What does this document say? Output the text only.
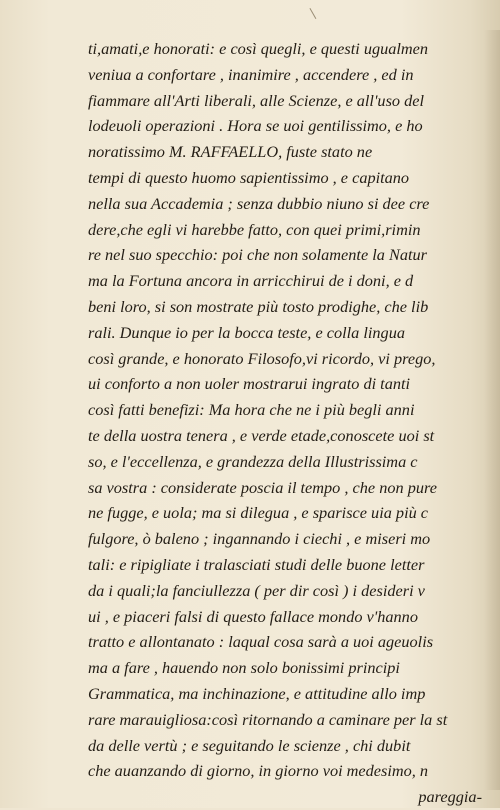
ti,amati,e honorati: e così quegli, e questi ugualmen
veniua a confortare , inanimire , accendere , ed in
fiammare all'Arti liberali, alle Scienze, e all'uso del
lodeuoli operazioni . Hora se uoi gentilissimo, e ho
noratissimo M. RAFFAELLO, fuste stato ne
tempi di questo huomo sapientissimo , e capitano
nella sua Accademia ; senza dubbio niuno si dee cre
dere,che egli vi harebbe fatto, con quei primi,rimin
re nel suo specchio: poi che non solamente la Natur
ma la Fortuna ancora in arricchirui de i doni, e d
beni loro, si son mostrate più tosto prodighe, che lib
rali. Dunque io per la bocca teste, e colla lingua
così grande, e honorato Filosofo,vi ricordo, vi prego,
ui conforto a non uoler mostrarui ingrato di tanti
così fatti benefizi: Ma hora che ne i più begli anni
te della uostra tenera , e verde etade,conoscete uoi st
so, e l'eccellenza, e grandezza della Illustrissima c
sa vostra : considerate poscia il tempo , che non pure
ne fugge, e uola; ma si dilegua , e sparisce uia più c
fulgore, ò baleno ; ingannando i ciechi , e miseri mo
tali: e ripigliate i tralasciati studi delle buone letter
da i quali;la fanciullezza ( per dir così ) i desideri v
ui , e piaceri falsi di questo fallace mondo v'hanno
tratto e allontanato : laqual cosa sarà a uoi ageuolis
ma a fare , hauendo non solo bonissimi principi
Grammatica, ma inchinazione, e attitudine allo imp
rare marauigliosa:così ritornando a caminare per la st
da delle vertù ; e seguitando le scienze , chi dubit
che auanzando di giorno, in giorno voi medesimo, n
pareggia-
